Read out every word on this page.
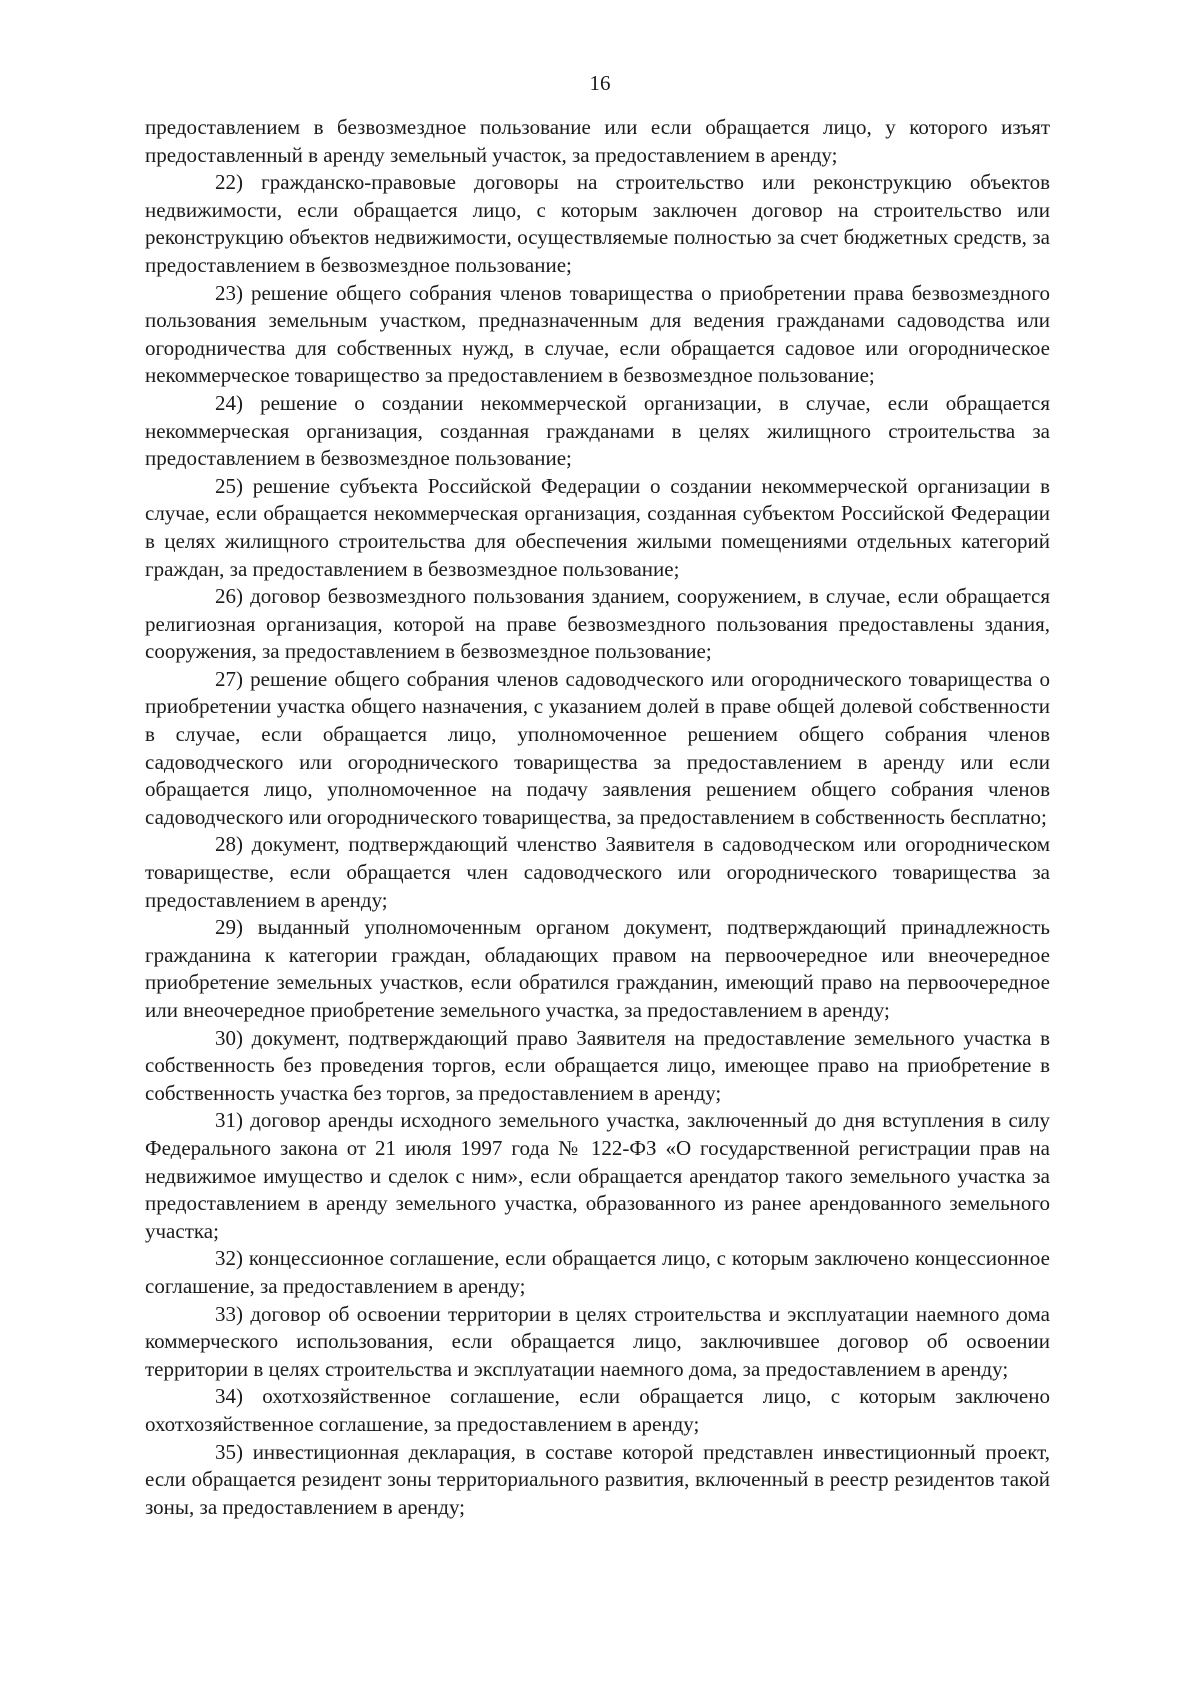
16

предоставлением в безвозмездное пользование или если обращается лицо, у которого изъят предоставленный в аренду земельный участок, за предоставлением в аренду;

22) гражданско-правовые договоры на строительство или реконструкцию объектов недвижимости, если обращается лицо, с которым заключен договор на строительство или реконструкцию объектов недвижимости, осуществляемые полностью за счет бюджетных средств, за предоставлением в безвозмездное пользование;

23) решение общего собрания членов товарищества о приобретении права безвозмездного пользования земельным участком, предназначенным для ведения гражданами садоводства или огородничества для собственных нужд, в случае, если обращается садовое или огородническое некоммерческое товарищество за предоставлением в безвозмездное пользование;

24) решение о создании некоммерческой организации, в случае, если обращается некоммерческая организация, созданная гражданами в целях жилищного строительства за предоставлением в безвозмездное пользование;

25) решение субъекта Российской Федерации о создании некоммерческой организации в случае, если обращается некоммерческая организация, созданная субъектом Российской Федерации в целях жилищного строительства для обеспечения жилыми помещениями отдельных категорий граждан, за предоставлением в безвозмездное пользование;

26) договор безвозмездного пользования зданием, сооружением, в случае, если обращается религиозная организация, которой на праве безвозмездного пользования предоставлены здания, сооружения, за предоставлением в безвозмездное пользование;

27) решение общего собрания членов садоводческого или огороднического товарищества о приобретении участка общего назначения, с указанием долей в праве общей долевой собственности в случае, если обращается лицо, уполномоченное решением общего собрания членов садоводческого или огороднического товарищества за предоставлением в аренду или если обращается лицо, уполномоченное на подачу заявления решением общего собрания членов садоводческого или огороднического товарищества, за предоставлением в собственность бесплатно;

28) документ, подтверждающий членство Заявителя в садоводческом или огородническом товариществе, если обращается член садоводческого или огороднического товарищества за предоставлением в аренду;

29) выданный уполномоченным органом документ, подтверждающий принадлежность гражданина к категории граждан, обладающих правом на первоочередное или внеочередное приобретение земельных участков, если обратился гражданин, имеющий право на первоочередное или внеочередное приобретение земельного участка, за предоставлением в аренду;

30) документ, подтверждающий право Заявителя на предоставление земельного участка в собственность без проведения торгов, если обращается лицо, имеющее право на приобретение в собственность участка без торгов, за предоставлением в аренду;

31) договор аренды исходного земельного участка, заключенный до дня вступления в силу Федерального закона от 21 июля 1997 года № 122-ФЗ «О государственной регистрации прав на недвижимое имущество и сделок с ним», если обращается арендатор такого земельного участка за предоставлением в аренду земельного участка, образованного из ранее арендованного земельного участка;

32) концессионное соглашение, если обращается лицо, с которым заключено концессионное соглашение, за предоставлением в аренду;

33) договор об освоении территории в целях строительства и эксплуатации наемного дома коммерческого использования, если обращается лицо, заключившее договор об освоении территории в целях строительства и эксплуатации наемного дома, за предоставлением в аренду;

34) охотхозяйственное соглашение, если обращается лицо, с которым заключено охотхозяйственное соглашение, за предоставлением в аренду;

35) инвестиционная декларация, в составе которой представлен инвестиционный проект, если обращается резидент зоны территориального развития, включенный в реестр резидентов такой зоны, за предоставлением в аренду;
